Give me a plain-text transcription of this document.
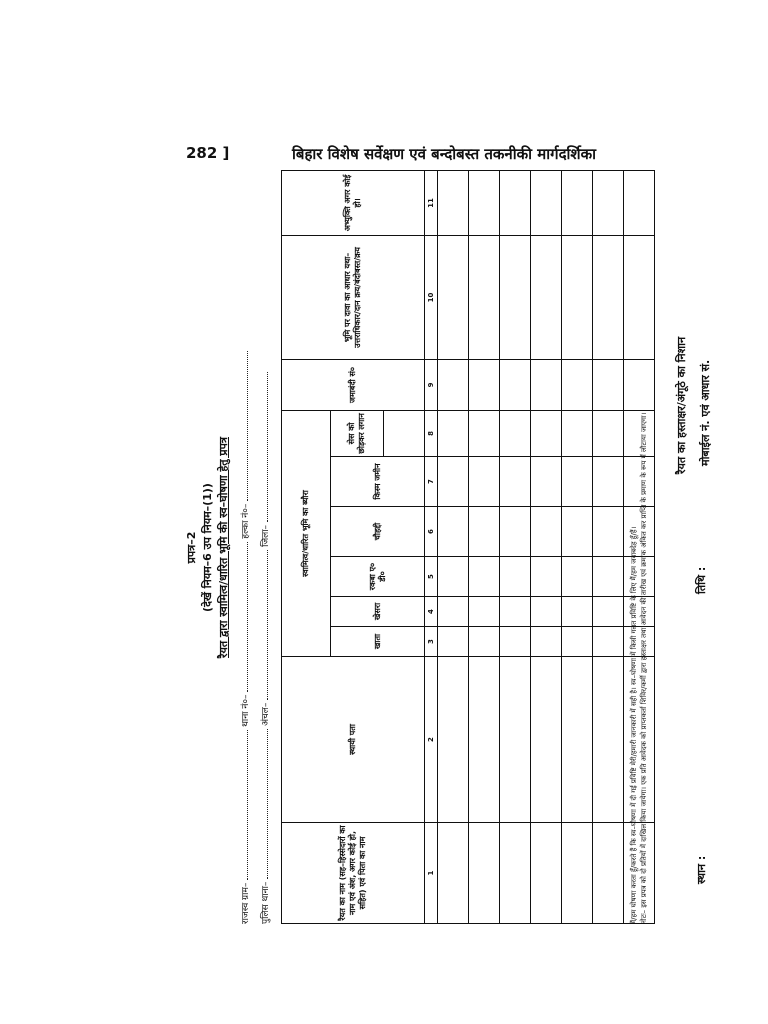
282 ]	बिहार विशेष सर्वेक्षण एवं बन्दोबस्त तकनीकी मार्गदर्शिका
प्रपत्र–2 (देखें नियम–6 उप नियम–(1)) रैयत द्वारा स्वामित्व/धारित भूमि की स्व–घोषणा हेतु प्रपत्र
राजस्व ग्राम–  थाना नं०–  हल्का नं०–
पुलिस थाना–  अंचल–  जिला–
रैयत का नाम (सह–हिस्सेदारों का नाम एवं अंश, अगर कोई हो, सहित) एवं पिता का नाम	स्थायी पता	स्वामित्व/धारित भूमि का ब्यौरा						जमाबंदी सं०	भूमि पर दावा का आधार यथा–उत्तराधिकार/दान क्रय/बंदोबस्त/क्रय	अभ्युक्ति अगर कोई हो।
		खाता	खेसरा	रकबा ए० डी०	चौहद्दी	किस्म जमीन	सेस को छोड़कर लगान			

1	2	3	4	5	6	7	8	9	10	11

मैं/हम घोषणा करता हूँ/करते हैं कि स्व–घोषणा में दी गई प्रविष्टि मेरी/हमारी जानकारी में सही है। स्व–घोषणा में किसी गलत प्रविष्टि के लिए मैं/हम जवाबदेह हूँ/हैं। नोटः– इस प्रपत्र को दो प्रतियों में दाखिल किया जायेगा। एक प्रति आवेदक को प्राप्तकर्ता शिविर/कर्मी द्वारा हस्ताक्षर तथा आवेदन की तारीख एवं क्रमांक अंकित कर प्राप्ति के प्रमाण के रूप में लौटाया जाएगा।	स्थान :
तिथि :
रैयत का हस्ताक्षर/अंगूठे का निशान मोबाईल नं. एवं आधार सं.
